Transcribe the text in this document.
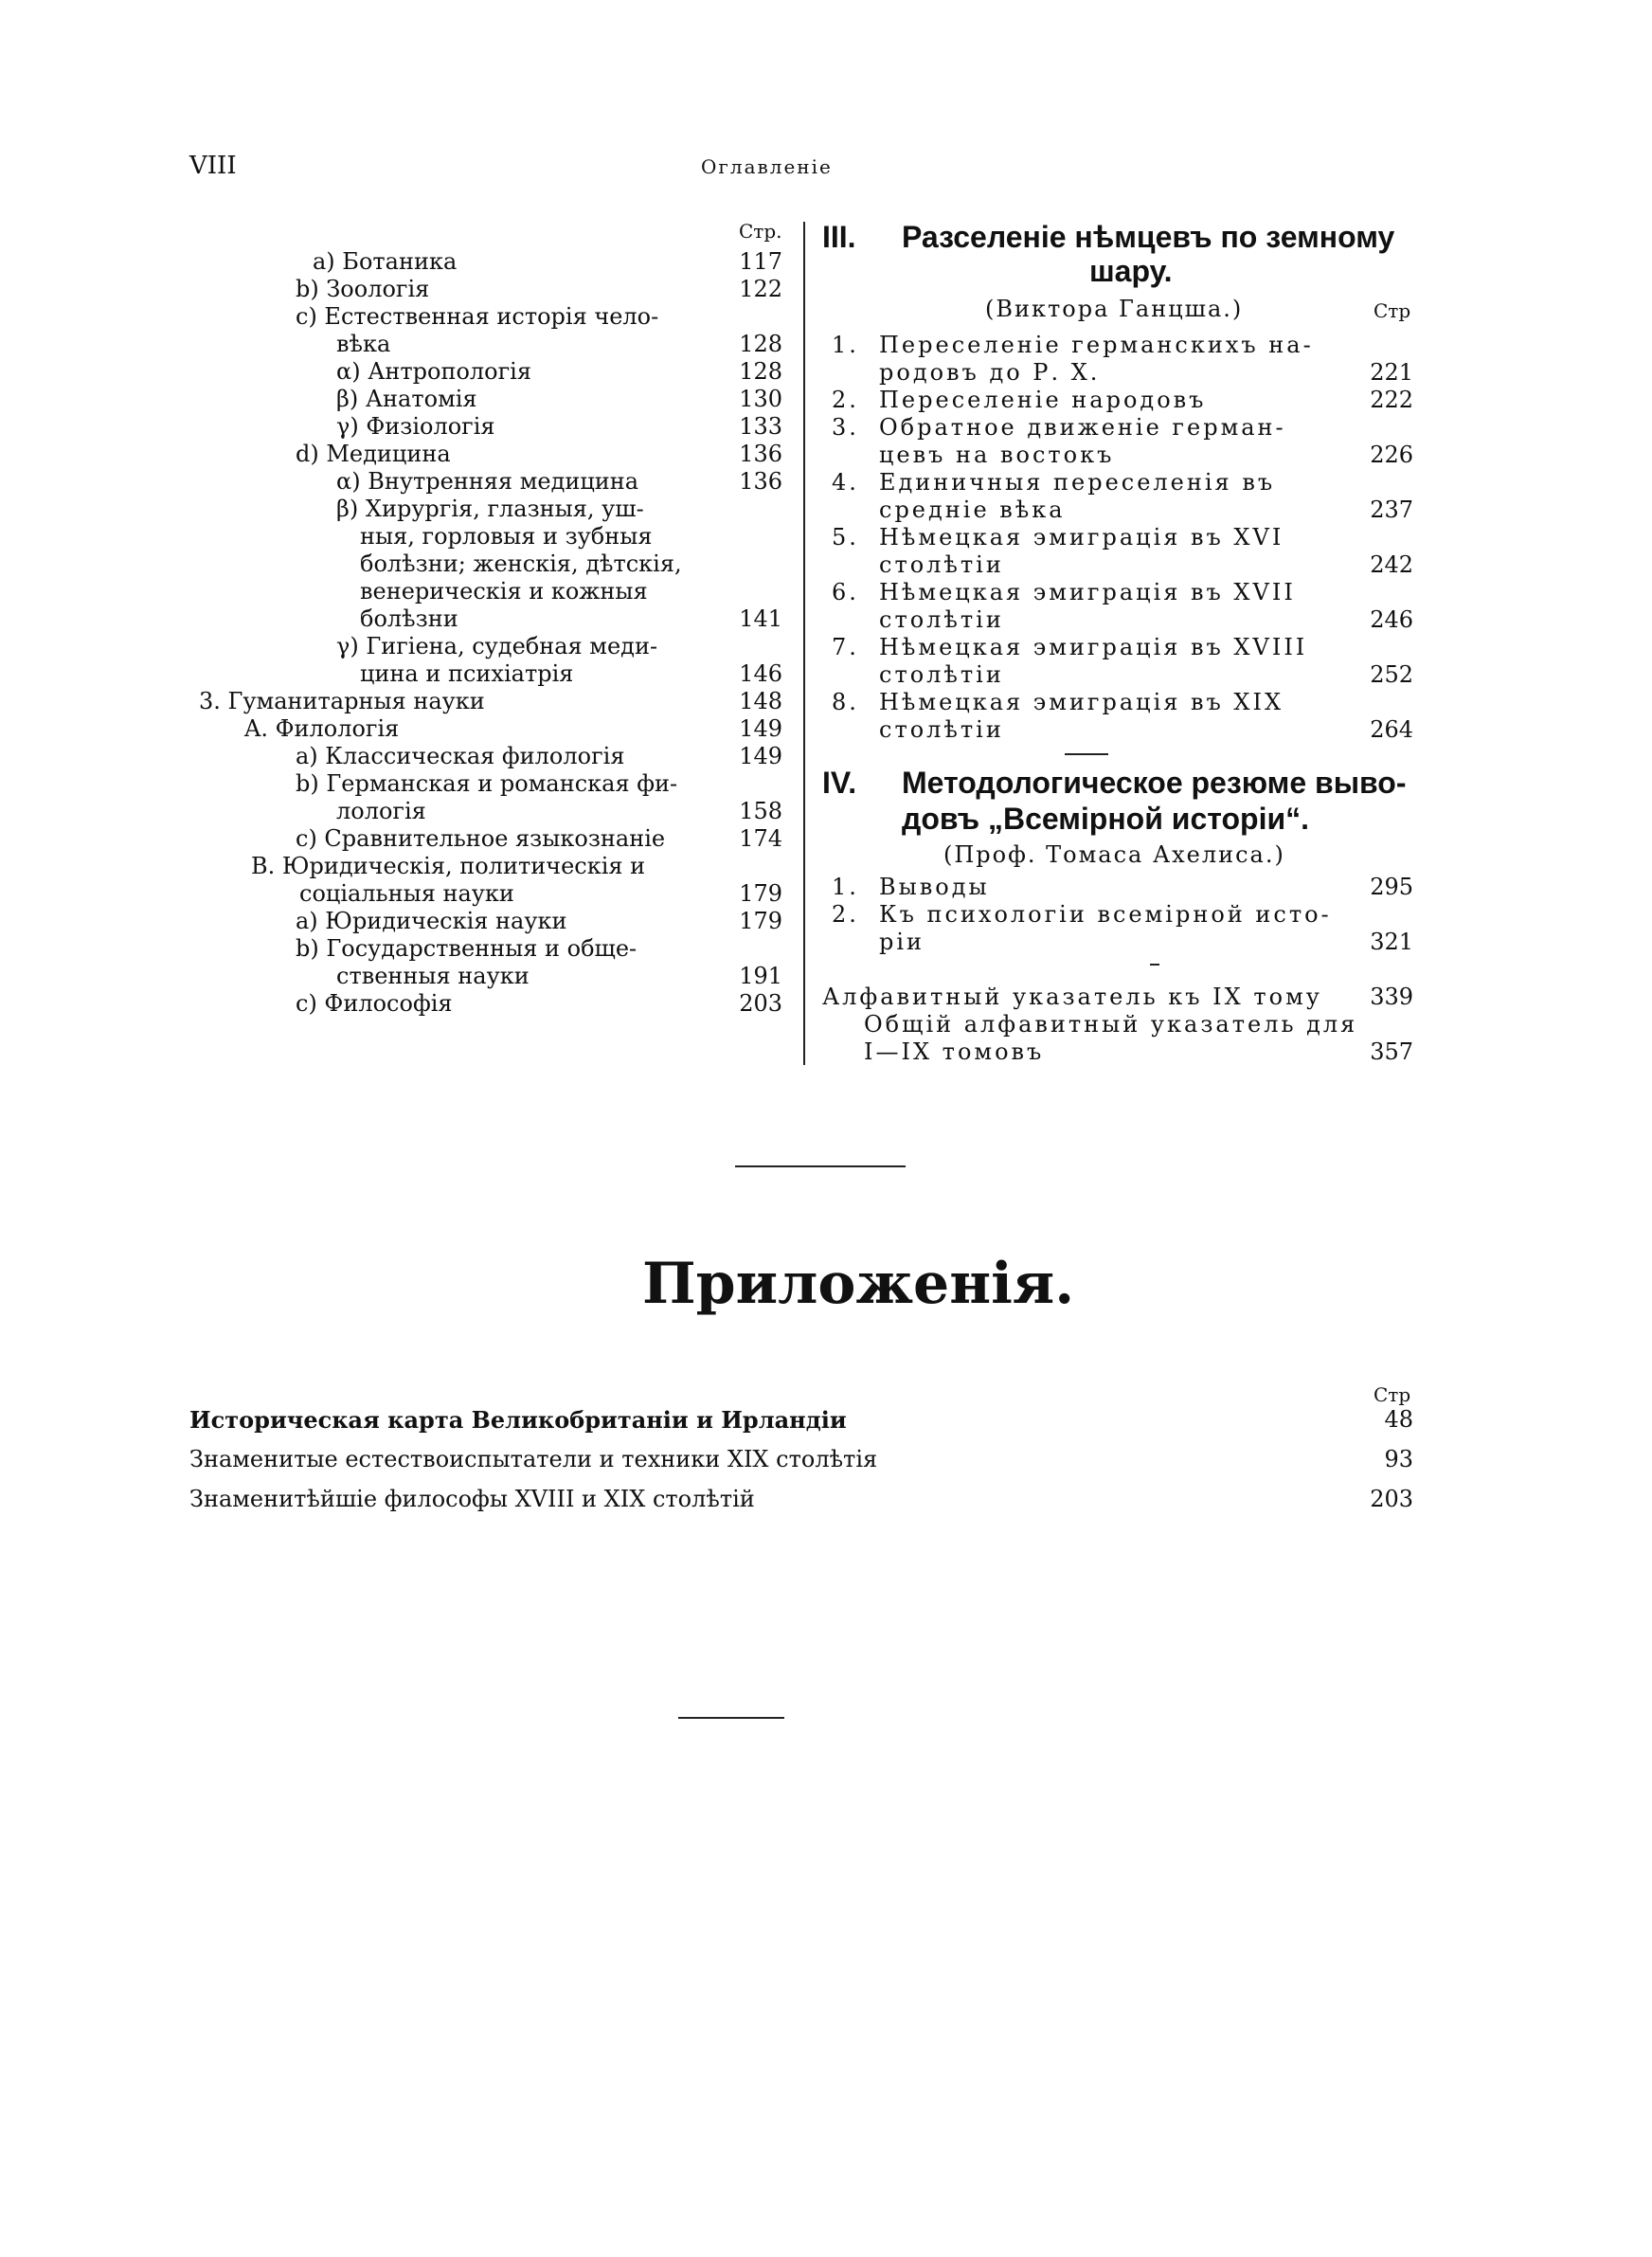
VIII	Оглавленіе
Стр.
а) Ботаника	117
b) Зоологія	122
c) Естественная исторія чело-
вѣка	128
α) Антропологія	128
β) Анатомія	130
γ) Физіологія	133
d) Медицина	136
α) Внутренняя медицина	136
β) Хирургія, глазныя, уш-
ныя, горловыя и зубныя
болѣзни; женскія, дѣтскія,
венерическія и кожныя
болѣзни	141
γ) Гигіена, судебная меди-
цина и психіатрія	146
3. Гуманитарныя науки	148
A. Филологія	149
а) Классическая филологія	149
b) Германская и романская фи-
лологія	158
c) Сравнительное языкознаніе	174
B. Юридическія, политическія и
соціальныя науки	179
а) Юридическія науки	179
b) Государственныя и обще-
ственныя науки	191
c) Философія	203
III. Разселеніе нѣмцевъ по земному
шару.
(Виктора Ганцша.)	Стр
1. Переселеніе германскихъ на-
родовъ до Р. Х.	221
2. Переселеніе народовъ	222
3. Обратное движеніе герман-
цевъ на востокъ	226
4. Единичныя переселенія въ
средніе вѣка	237
5. Нѣмецкая эмиграція въ XVI
столѣтіи	242
6. Нѣмецкая эмиграція въ XVII
столѣтіи	246
7. Нѣмецкая эмиграція въ XVIII
столѣтіи	252
8. Нѣмецкая эмиграція въ XIX
столѣтіи	264
IV. Методологическое резюме выво-
довъ „Всемірной исторіи“.
(Проф. Томаса Ахелиса.)
1. Выводы	295
2. Къ психологіи всемірной исто-
ріи	321
Алфавитный указатель къ IX тому	339
Общій алфавитный указатель для
I—IX томовъ	357
Приложенія.
Стр
Историческая карта Великобританіи и Ирландіи	48
Знаменитые естествоиспытатели и техники XIX столѣтія	93
Знаменитѣйшіе философы XVIII и XIX столѣтій	203
